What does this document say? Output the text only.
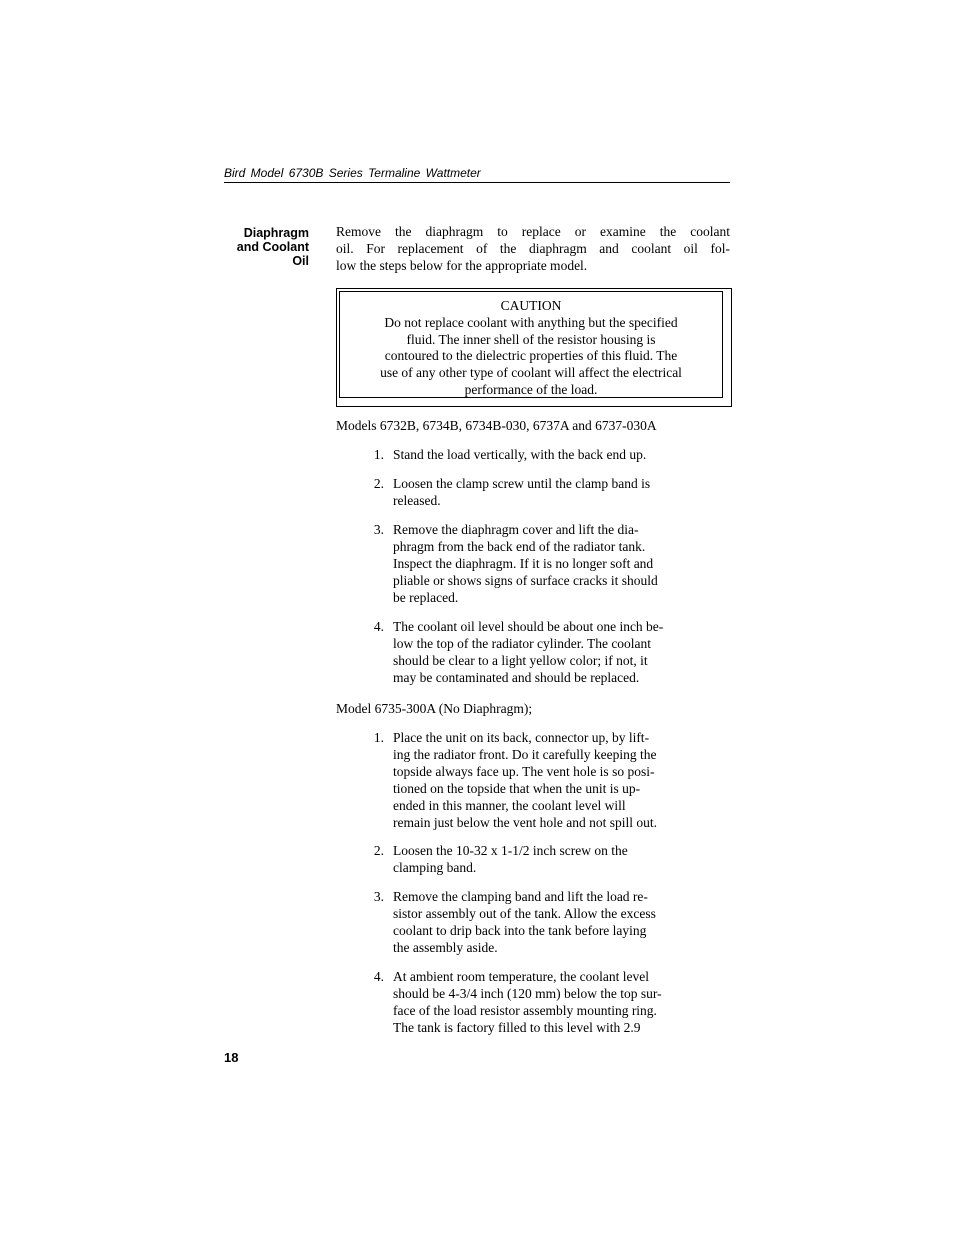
Bird Model 6730B Series Termaline Wattmeter
Diaphragm
and Coolant
Oil
Remove the diaphragm to replace or examine the coolant
oil. For replacement of the diaphragm and coolant oil fol-
low the steps below for the appropriate model.
CAUTION
Do not replace coolant with anything but the specified
fluid. The inner shell of the resistor housing is
contoured to the dielectric properties of this fluid. The
use of any other type of coolant will affect the electrical
performance of the load.
Models 6732B, 6734B, 6734B-030, 6737A and 6737-030A
1. Stand the load vertically, with the back end up.
2. Loosen the clamp screw until the clamp band is
released.
3. Remove the diaphragm cover and lift the dia-
phragm from the back end of the radiator tank.
Inspect the diaphragm. If it is no longer soft and
pliable or shows signs of surface cracks it should
be replaced.
4. The coolant oil level should be about one inch be-
low the top of the radiator cylinder. The coolant
should be clear to a light yellow color; if not, it
may be contaminated and should be replaced.
Model 6735-300A (No Diaphragm);
1. Place the unit on its back, connector up, by lift-
ing the radiator front. Do it carefully keeping the
topside always face up. The vent hole is so posi-
tioned on the topside that when the unit is up-
ended in this manner, the coolant level will
remain just below the vent hole and not spill out.
2. Loosen the 10-32 x 1-1/2 inch screw on the
clamping band.
3. Remove the clamping band and lift the load re-
sistor assembly out of the tank. Allow the excess
coolant to drip back into the tank before laying
the assembly aside.
4. At ambient room temperature, the coolant level
should be 4-3/4 inch (120 mm) below the top sur-
face of the load resistor assembly mounting ring.
The tank is factory filled to this level with 2.9
18
